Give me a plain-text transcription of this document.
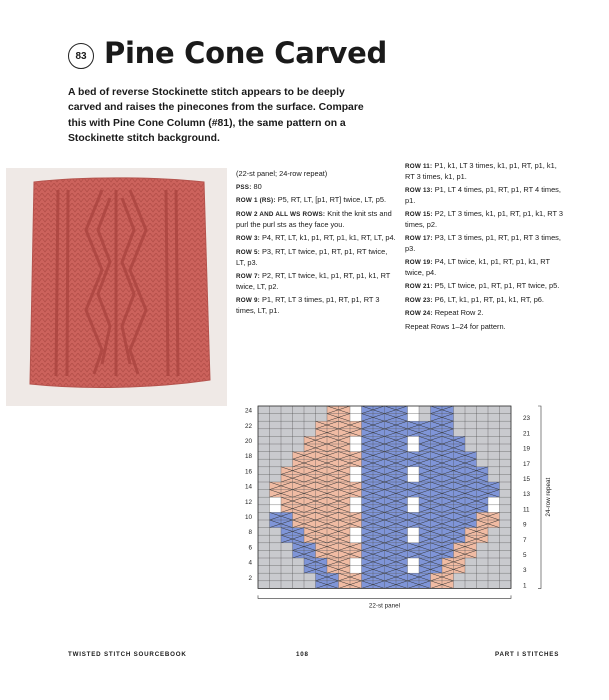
83 Pine Cone Carved
A bed of reverse Stockinette stitch appears to be deeply carved and raises the pinecones from the surface. Compare this with Pine Cone Column (#81), the same pattern on a Stockinette stitch background.

(22-st panel; 24-row repeat)

PSS: 80

ROW 1 (RS): P5, RT, LT, [p1, RT] twice, LT, p5.

ROW 2 AND ALL WS ROWS: Knit the knit sts and purl the purl sts as they face you.

ROW 3: P4, RT, LT, k1, p1, RT, p1, k1, RT, LT, p4.

ROW 5: P3, RT, LT twice, p1, RT, p1, RT twice, LT, p3.

ROW 7: P2, RT, LT twice, k1, p1, RT, p1, k1, RT twice, LT, p2.

ROW 9: P1, RT, LT 3 times, p1, RT, p1, RT 3 times, LT, p1.

ROW 11: P1, k1, LT 3 times, k1, p1, RT, p1, k1, RT 3 times, k1, p1.

ROW 13: P1, LT 4 times, p1, RT, p1, RT 4 times, p1.

ROW 15: P2, LT 3 times, k1, p1, RT, p1, k1, RT 3 times, p2.

ROW 17: P3, LT 3 times, p1, RT, p1, RT 3 times, p3.

ROW 19: P4, LT twice, k1, p1, RT, p1, k1, RT twice, p4.

ROW 21: P5, LT twice, p1, RT, p1, RT twice, p5.

ROW 23: P6, LT, k1, p1, RT, p1, k1, RT, p6.

ROW 24: Repeat Row 2.

Repeat Rows 1–24 for pattern.

24
22
20
18
16
14
12
10
8
6
4
2
23
21
19
17
15
13
11
9
7
5
3
1
24-row repeat
22-st panel
TWISTED STITCH SOURCEBOOK	108	PART I STITCHES
